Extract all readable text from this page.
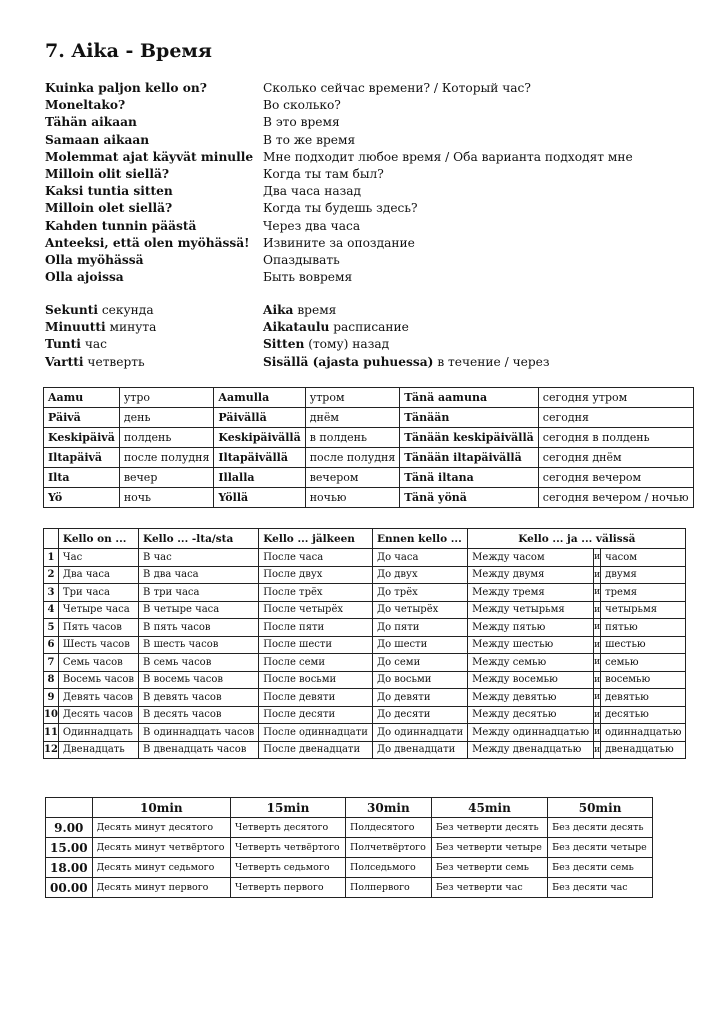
7. Aika - Время
Kuinka paljon kello on?	Сколько сейчас времени? / Который час?
Moneltako?	Во сколько?
Tähän aikaan	В это время
Samaan aikaan	В то же время
Molemmat ajat käyvät minulle Мне подходит любое время / Оба варианта подходят мне
Milloin olit siellä?	Когда ты там был?
Kaksi tuntia sitten	Два часа назад
Milloin olet siellä?	Когда ты будешь здесь?
Kahden tunnin päästä	Через два часа
Anteeksi, että olen myöhässä!	Извините за опоздание
Olla myöhässä	Опаздывать
Olla ajoissa	Быть вовремя
Sekunti секунда	Aika время
Minuutti минута	Aikataulu расписание
Tunti час	Sitten (тому) назад
Vartti четверть	Sisällä (ajasta puhuessa) в течение / через
Aamu	утро	Aamulla	утром	Tänä aamuna	сегодня утром
Päivä	день	Päivällä	днём	Tänään	сегодня
Keskipäivä	полдень	Keskipäivällä	в полдень	Tänään keskipäivällä	сегодня в полдень
Iltapäivä	после полудня	Iltapäivällä	после полудня	Tänään iltapäivällä	сегодня днём
Ilta	вечер	Illalla	вечером	Tänä iltana	сегодня вечером
Yö	ночь	Yöllä	ночью	Tänä yönä	сегодня вечером / ночью
	Kello on ...	Kello ... -lta/sta	Kello ... jälkeen	Ennen kello ...	Kello ... ja ... välissä		
1	Час	В час	После часа	До часа	Между часом	и	часом
2	Два часа	В два часа	После двух	До двух	Между двумя	и	двумя
3	Три часа	В три часа	После трёх	До трёх	Между тремя	и	тремя
4	Четыре часа	В четыре часа	После четырёх	До четырёх	Между четырьмя	и	четырьмя
5	Пять часов	В пять часов	После пяти	До пяти	Между пятью	и	пятью
6	Шесть часов	В шесть часов	После шести	До шести	Между шестью	и	шестью
7	Семь часов	В семь часов	После семи	До семи	Между семью	и	семью
8	Восемь часов	В восемь часов	После восьми	До восьми	Между восемью	и	восемью
9	Девять часов	В девять часов	После девяти	До девяти	Между девятью	и	девятью
10	Десять часов	В десять часов	После десяти	До десяти	Между десятью	и	десятью
11	Одиннадцать	В одиннадцать часов	После одиннадцати	До одиннадцати	Между одиннадцатью	и	одиннадцатью
12	Двенадцать	В двенадцать часов	После двенадцати	До двенадцати	Между двенадцатью	и	двенадцатью
	10min	15min	30min	45min	50min
9.00	Десять минут десятого	Четверть десятого	Полдесятого	Без четверти десять	Без десяти десять
15.00	Десять минут четвёртого	Четверть четвёртого	Полчетвёртого	Без четверти четыре	Без десяти четыре
18.00	Десять минут седьмого	Четверть седьмого	Полседьмого	Без четверти семь	Без десяти семь
00.00	Десять минут первого	Четверть первого	Полпервого	Без четверти час	Без десяти час
